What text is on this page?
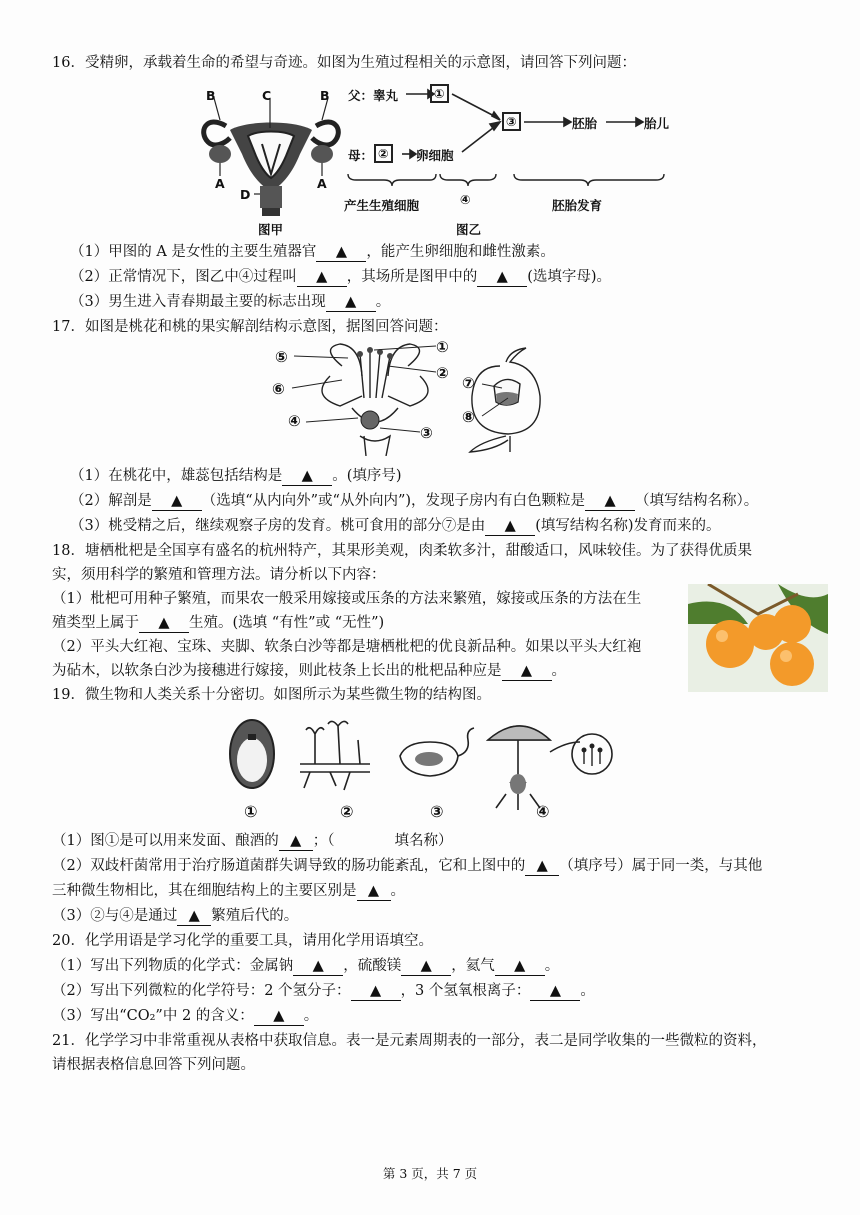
16．受精卵，承载着生命的希望与奇迹。如图为生殖过程相关的示意图，请回答下列问题：
B	C	B
A	A
D
图甲
父：睾丸	①
母： ②	卵细胞
③	胚胎	胎儿
产生生殖细胞	④	胚胎发育
图乙
（1）甲图的 A 是女性的主要生殖器官 ▲ ，能产生卵细胞和雌性激素。
（2）正常情况下，图乙中④过程叫 ▲ ，其场所是图甲中的 ▲ (选填字母)。
（3）男生进入青春期最主要的标志出现 ▲ 。
17．如图是桃花和桃的果实解剖结构示意图，据图回答问题：
⑤
⑥
④
①
②
③
⑦
⑧
（1）在桃花中，雄蕊包括结构是 ▲ 。(填序号)
（2）解剖是 ▲ （选填“从内向外”或“从外向内”)，发现子房内有白色颗粒是 ▲ （填写结构名称）。
（3）桃受精之后，继续观察子房的发育。桃可食用的部分⑦是由 ▲ (填写结构名称)发育而来的。
18．塘栖枇杷是全国享有盛名的杭州特产，其果形美观，肉柔软多汁，甜酸适口，风味较佳。为了获得优质果
实，须用科学的繁殖和管理方法。请分析以下内容：
（1）枇杷可用种子繁殖，而果农一般采用嫁接或压条的方法来繁殖，嫁接或压条的方法在生
殖类型上属于 ▲ 生殖。(选填 “有性”或 “无性”)
（2）平头大红袍、宝珠、夹脚、软条白沙等都是塘栖枇杷的优良新品种。如果以平头大红袍
为砧木，以软条白沙为接穗进行嫁接，则此枝条上长出的枇杷品种应是 ▲ 。
19．微生物和人类关系十分密切。如图所示为某些微生物的结构图。
①	②	③	④
（1）图①是可以用来发面、酿酒的 ▲ ；（	填名称）
（2）双歧杆菌常用于治疗肠道菌群失调导致的肠功能紊乱，它和上图中的 ▲ （填序号）属于同一类，与其他
三种微生物相比，其在细胞结构上的主要区别是 ▲ 。
（3）②与④是通过 ▲ 繁殖后代的。
20．化学用语是学习化学的重要工具，请用化学用语填空。
（1）写出下列物质的化学式：金属钠 ▲ ，硫酸镁 ▲ ，氦气 ▲ 。
（2）写出下列微粒的化学符号：2 个氢分子： ▲ ，3 个氢氧根离子： ▲ 。
（3）写出“CO₂”中 2 的含义： ▲ 。
21．化学学习中非常重视从表格中获取信息。表一是元素周期表的一部分，表二是同学收集的一些微粒的资料，
请根据表格信息回答下列问题。
第 3 页，共 7 页
